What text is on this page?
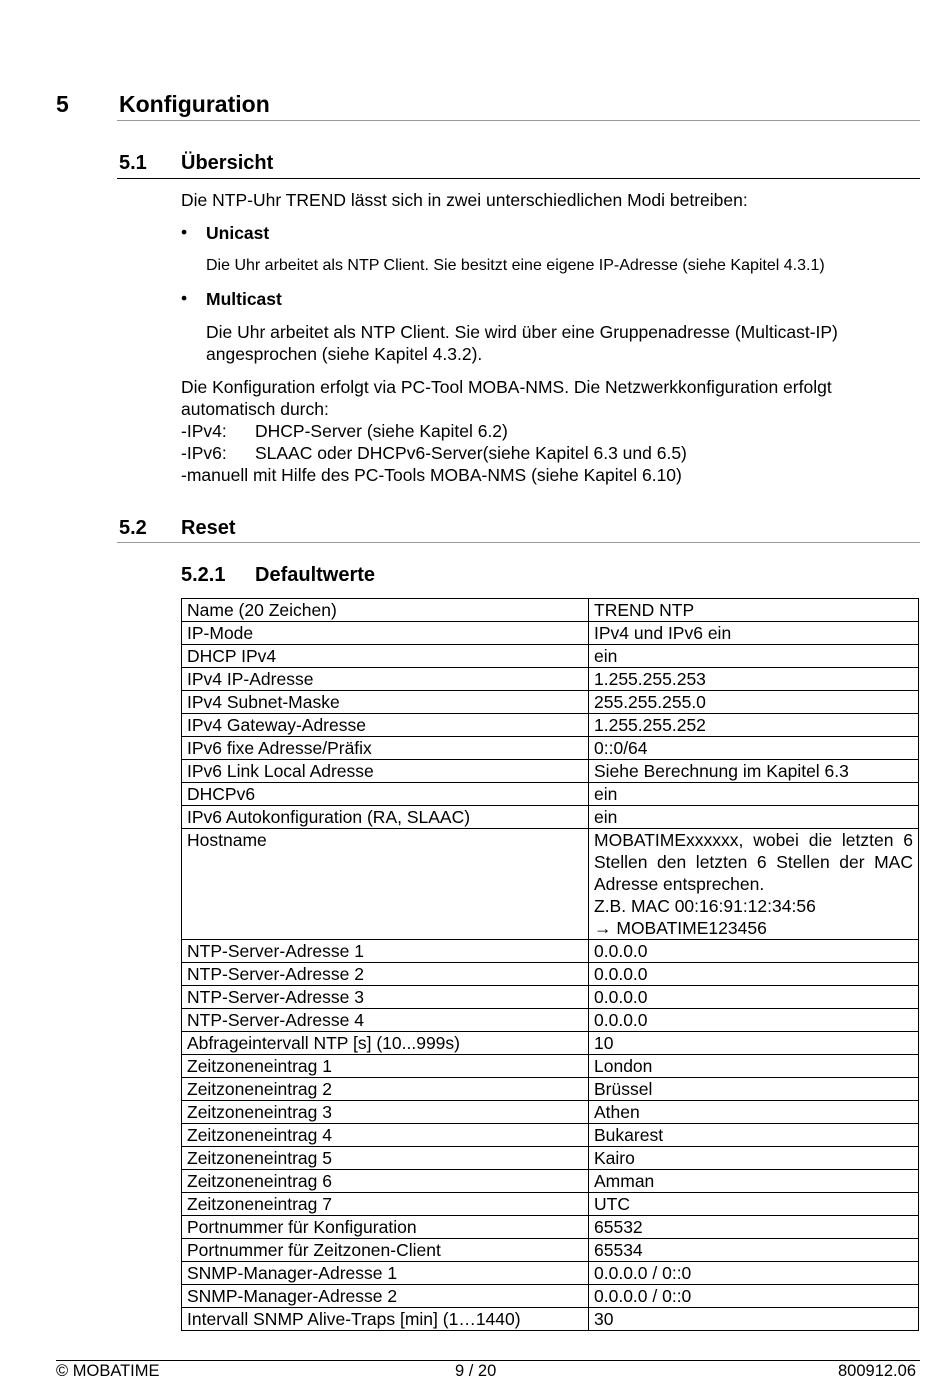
5 Konfiguration
5.1 Übersicht
Die NTP-Uhr TREND lässt sich in zwei unterschiedlichen Modi betreiben:
• Unicast
Die Uhr arbeitet als NTP Client. Sie besitzt eine eigene IP-Adresse (siehe Kapitel 4.3.1)
• Multicast
Die Uhr arbeitet als NTP Client. Sie wird über eine Gruppenadresse (Multicast-IP)
angesprochen (siehe Kapitel 4.3.2).
Die Konfiguration erfolgt via PC-Tool MOBA-NMS. Die Netzwerkkonfiguration erfolgt
automatisch durch:
-IPv4: DHCP-Server (siehe Kapitel 6.2)
-IPv6: SLAAC oder DHCPv6-Server(siehe Kapitel 6.3 und 6.5)
-manuell mit Hilfe des PC-Tools MOBA-NMS (siehe Kapitel 6.10)
5.2 Reset
5.2.1 Defaultwerte
Name (20 Zeichen)	TREND NTP
IP-Mode	IPv4 und IPv6 ein
DHCP IPv4	ein
IPv4 IP-Adresse	1.255.255.253
IPv4 Subnet-Maske	255.255.255.0
IPv4 Gateway-Adresse	1.255.255.252
IPv6 fixe Adresse/Präfix	0::0/64
IPv6 Link Local Adresse	Siehe Berechnung im Kapitel 6.3
DHCPv6	ein
IPv6 Autokonfiguration (RA, SLAAC)	ein
Hostname	MOBATIMExxxxxx, wobei die letzten 6 Stellen den letzten 6 Stellen der MAC Adresse entsprechen.
Z.B. MAC 00:16:91:12:34:56
→ MOBATIME123456

NTP-Server-Adresse 1	0.0.0.0
NTP-Server-Adresse 2	0.0.0.0
NTP-Server-Adresse 3	0.0.0.0
NTP-Server-Adresse 4	0.0.0.0
Abfrageintervall NTP [s] (10...999s)	10
Zeitzoneneintrag 1	London
Zeitzoneneintrag 2	Brüssel
Zeitzoneneintrag 3	Athen
Zeitzoneneintrag 4	Bukarest
Zeitzoneneintrag 5	Kairo
Zeitzoneneintrag 6	Amman
Zeitzoneneintrag 7	UTC
Portnummer für Konfiguration	65532
Portnummer für Zeitzonen-Client	65534
SNMP-Manager-Adresse 1	0.0.0.0 / 0::0
SNMP-Manager-Adresse 2	0.0.0.0 / 0::0
Intervall SNMP Alive-Traps [min] (1…1440)	30
© MOBATIME	9 / 20	800912.06
